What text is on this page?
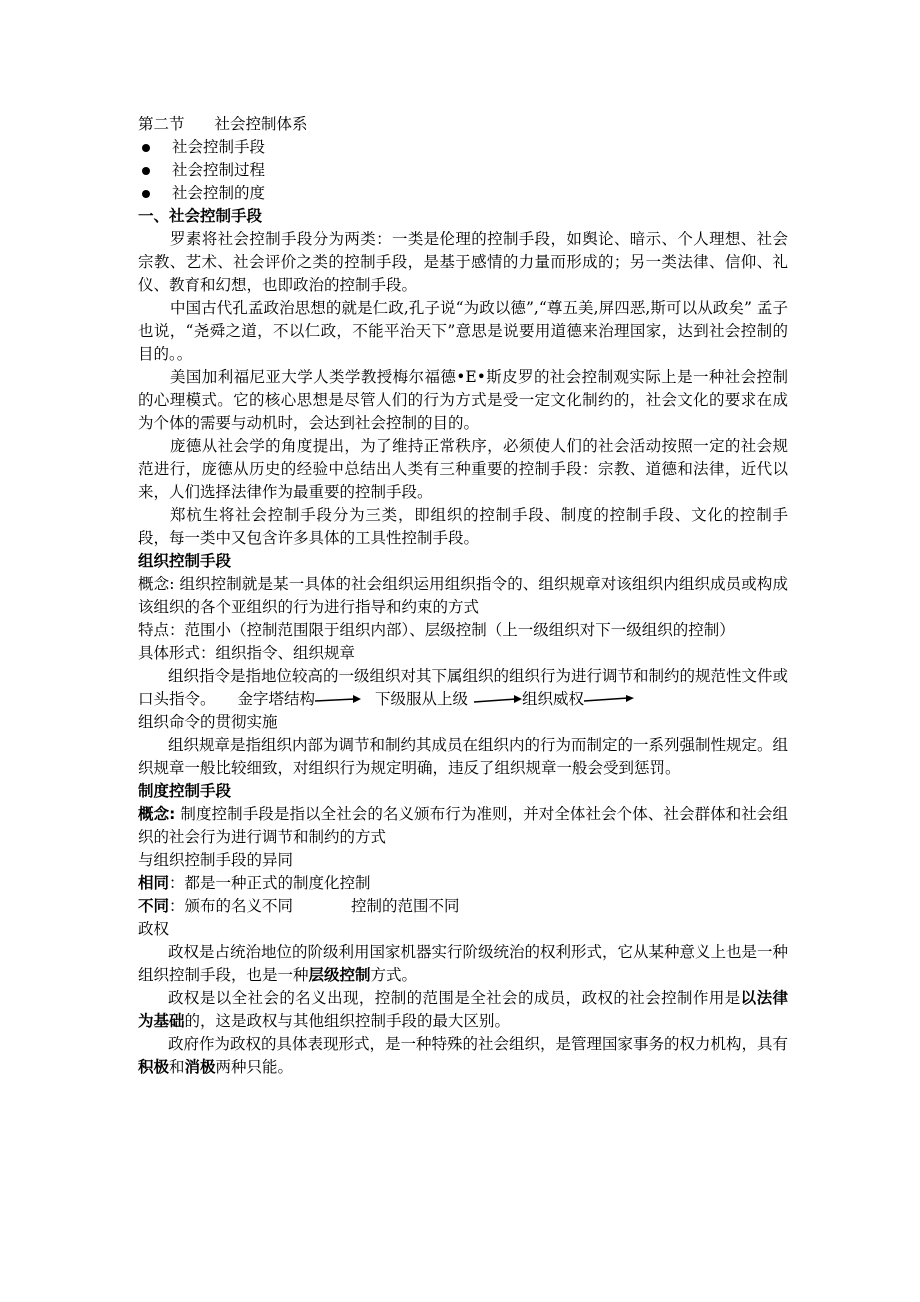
第二节 社会控制体系
社会控制手段
社会控制过程
社会控制的度
一、社会控制手段
罗素将社会控制手段分为两类：一类是伦理的控制手段，如舆论、暗示、个人理想、社会宗教、艺术、社会评价之类的控制手段，是基于感情的力量而形成的；另一类法律、信仰、礼仪、教育和幻想，也即政治的控制手段。
中国古代孔孟政治思想的就是仁政,孔子说“为政以德”,“尊五美,屏四恶,斯可以从政矣” 孟子也说，“尧舜之道，不以仁政，不能平治天下”意思是说要用道德来治理国家，达到社会控制的目的。。
美国加利福尼亚大学人类学教授梅尔福德•E•斯皮罗的社会控制观实际上是一种社会控制的心理模式。它的核心思想是尽管人们的行为方式是受一定文化制约的，社会文化的要求在成为个体的需要与动机时，会达到社会控制的目的。
庞德从社会学的角度提出，为了维持正常秩序，必须使人们的社会活动按照一定的社会规范进行，庞德从历史的经验中总结出人类有三种重要的控制手段：宗教、道德和法律，近代以来，人们选择法律作为最重要的控制手段。
郑杭生将社会控制手段分为三类，即组织的控制手段、制度的控制手段、文化的控制手段，每一类中又包含许多具体的工具性控制手段。
组织控制手段
概念: 组织控制就是某一具体的社会组织运用组织指令的、组织规章对该组织内组织成员或构成该组织的各个亚组织的行为进行指导和约束的方式
特点：范围小（控制范围限于组织内部）、层级控制（上一级组织对下一级组织的控制）
具体形式：组织指令、组织规章
组织指令是指地位较高的一级组织对其下属组织的组织行为进行调节和制约的规范性文件或口头指令。 金字塔结构	下级服从上级	组织威权
组织命令的贯彻实施
组织规章是指组织内部为调节和制约其成员在组织内的行为而制定的一系列强制性规定。组织规章一般比较细致，对组织行为规定明确，违反了组织规章一般会受到惩罚。
制度控制手段
概念: 制度控制手段是指以全社会的名义颁布行为准则，并对全体社会个体、社会群体和社会组织的社会行为进行调节和制约的方式
与组织控制手段的异同
相同：都是一种正式的制度化控制
不同：颁布的名义不同	控制的范围不同
政权
政权是占统治地位的阶级利用国家机器实行阶级统治的权利形式，它从某种意义上也是一种组织控制手段，也是一种层级控制方式。
政权是以全社会的名义出现，控制的范围是全社会的成员，政权的社会控制作用是以法律为基础的，这是政权与其他组织控制手段的最大区别。
政府作为政权的具体表现形式，是一种特殊的社会组织，是管理国家事务的权力机构，具有积极和消极两种只能。
